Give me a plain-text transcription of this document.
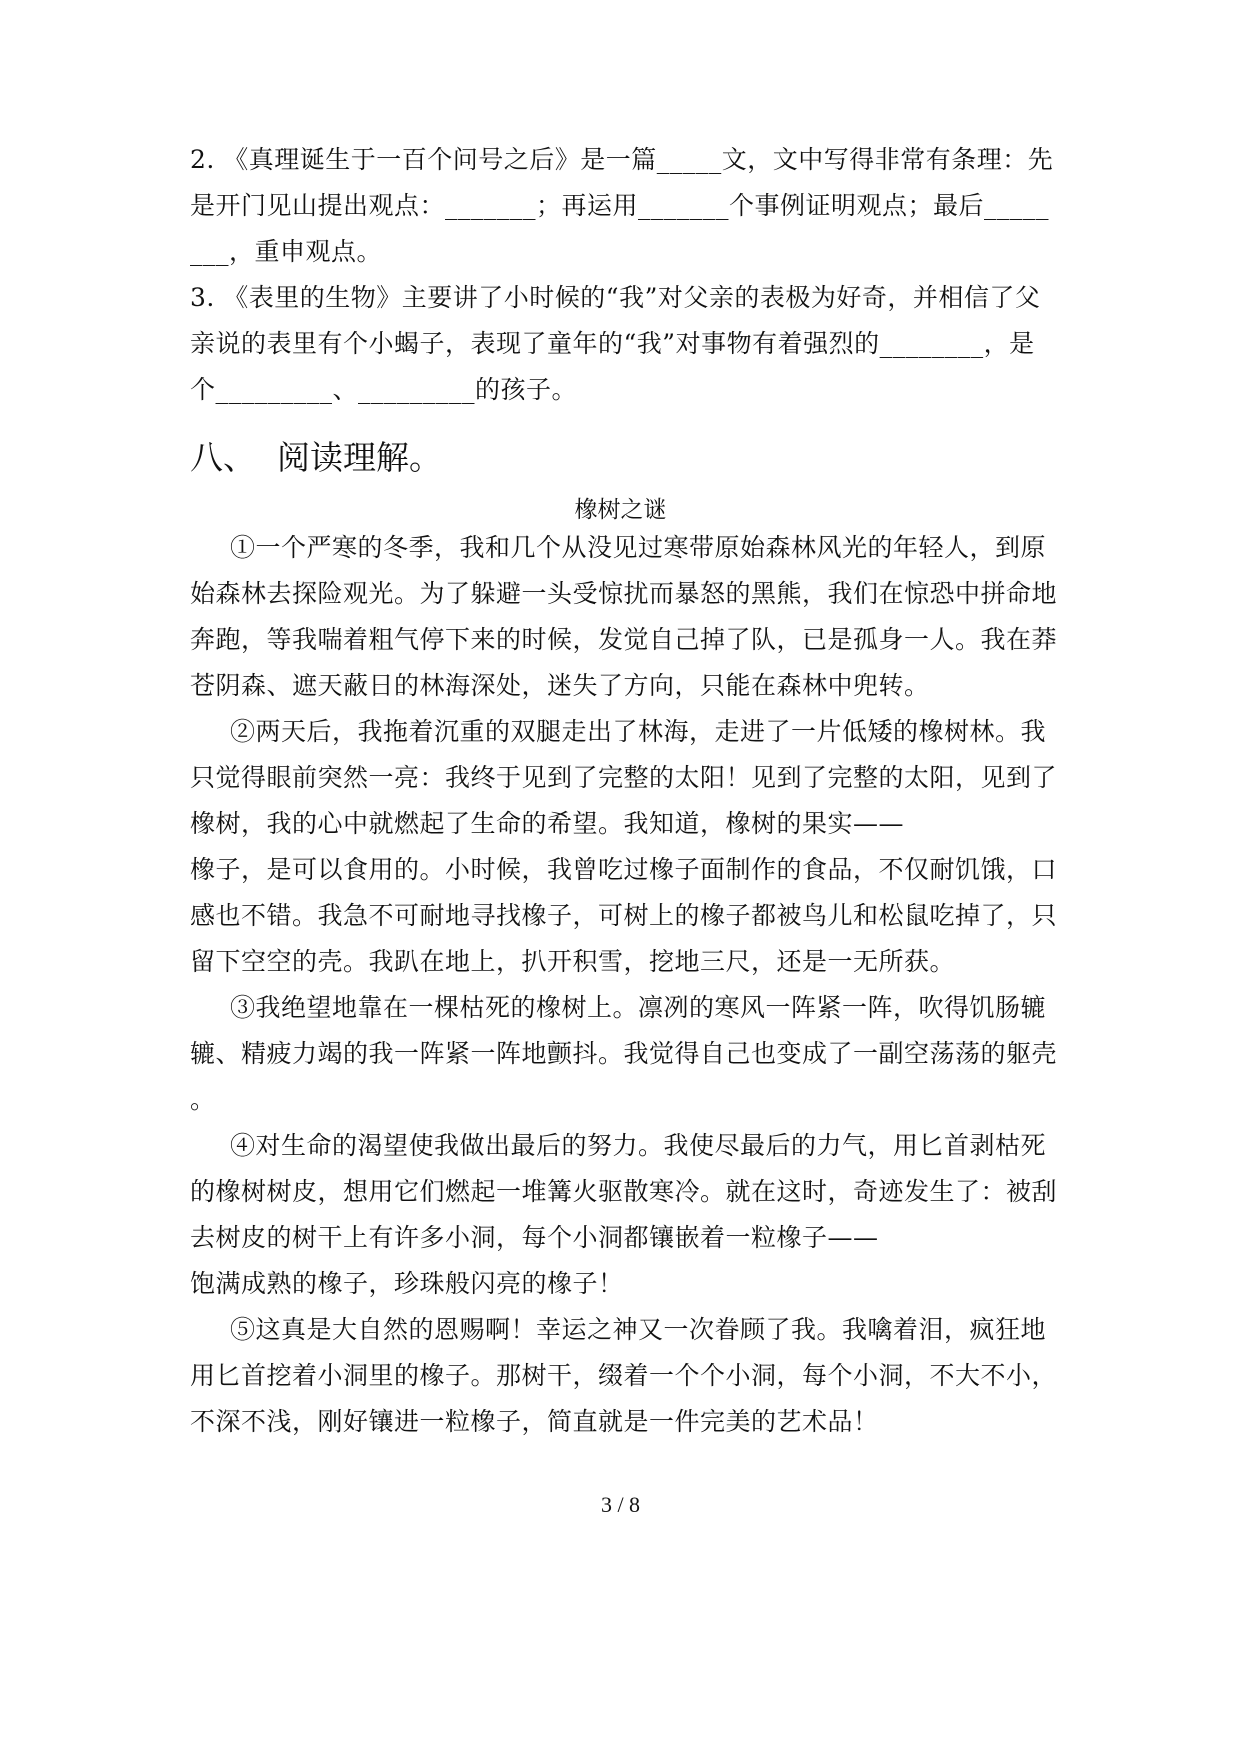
2. 《真理诞生于一百个问号之后》是一篇_____文，文中写得非常有条理：先
是开门见山提出观点：_______；再运用_______个事例证明观点；最后_____
___，重申观点。
3. 《表里的生物》主要讲了小时候的“我”对父亲的表极为好奇，并相信了父
亲说的表里有个小蝎子，表现了童年的“我”对事物有着强烈的________，是
个_________、_________的孩子。
八、 阅读理解。
橡树之谜
①一个严寒的冬季，我和几个从没见过寒带原始森林风光的年轻人，到原
始森林去探险观光。为了躲避一头受惊扰而暴怒的黑熊，我们在惊恐中拼命地
奔跑，等我喘着粗气停下来的时候，发觉自己掉了队，已是孤身一人。我在莽
苍阴森、遮天蔽日的林海深处，迷失了方向，只能在森林中兜转。
②两天后，我拖着沉重的双腿走出了林海，走进了一片低矮的橡树林。我
只觉得眼前突然一亮：我终于见到了完整的太阳！见到了完整的太阳，见到了
橡树，我的心中就燃起了生命的希望。我知道，橡树的果实——
橡子，是可以食用的。小时候，我曾吃过橡子面制作的食品，不仅耐饥饿，口
感也不错。我急不可耐地寻找橡子，可树上的橡子都被鸟儿和松鼠吃掉了，只
留下空空的壳。我趴在地上，扒开积雪，挖地三尺，还是一无所获。
③我绝望地靠在一棵枯死的橡树上。凛冽的寒风一阵紧一阵，吹得饥肠辘
辘、精疲力竭的我一阵紧一阵地颤抖。我觉得自己也变成了一副空荡荡的躯壳
。
④对生命的渴望使我做出最后的努力。我使尽最后的力气，用匕首剥枯死
的橡树树皮，想用它们燃起一堆篝火驱散寒冷。就在这时，奇迹发生了：被刮
去树皮的树干上有许多小洞，每个小洞都镶嵌着一粒橡子——
饱满成熟的橡子，珍珠般闪亮的橡子！
⑤这真是大自然的恩赐啊！幸运之神又一次眷顾了我。我噙着泪，疯狂地
用匕首挖着小洞里的橡子。那树干，缀着一个个小洞，每个小洞，不大不小，
不深不浅，刚好镶进一粒橡子，简直就是一件完美的艺术品！
3 / 8
